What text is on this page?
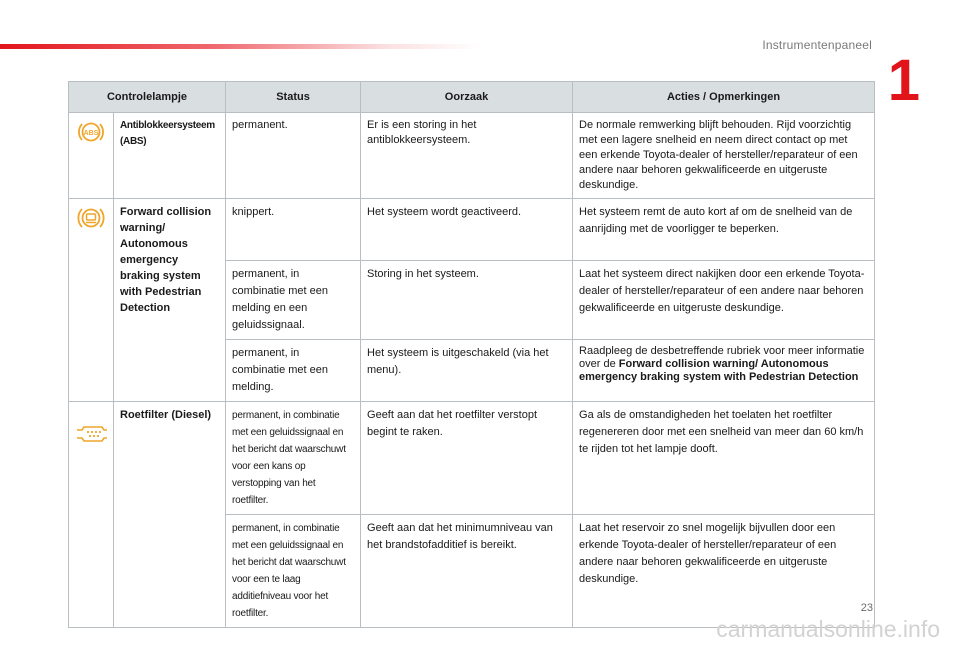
Instrumentenpaneel
1
Controlelampje		Status	Oorzaak	Acties / Opmerkingen

ABS	Antiblokkeersysteem (ABS)	permanent.	Er is een storing in het antiblokkeersysteem.	De normale remwerking blijft behouden. Rijd voorzichtig met een lagere snelheid en neem direct contact op met een erkende Toyota-dealer of hersteller/reparateur of een andere naar behoren gekwalificeerde en uitgeruste deskundige.
	Forward collision warning/ Autonomous emergency braking system with Pedestrian Detection	knippert.	Het systeem wordt geactiveerd.	Het systeem remt de auto kort af om de snelheid van de aanrijding met de voorligger te beperken.
		permanent, in combinatie met een melding en een geluidssignaal.	Storing in het systeem.	Laat het systeem direct nakijken door een erkende Toyota-dealer of hersteller/reparateur of een andere naar behoren gekwalificeerde en uitgeruste deskundige.
		permanent, in combinatie met een melding.	Het systeem is uitgeschakeld (via het menu).	Raadpleeg de desbetreffende rubriek voor meer informatie over de Forward collision warning/ Autonomous emergency braking system with Pedestrian Detection
	Roetfilter (Diesel)	permanent, in combinatie met een geluidssignaal en het bericht dat waarschuwt voor een kans op verstopping van het roetfilter.	Geeft aan dat het roetfilter verstopt begint te raken.	Ga als de omstandigheden het toelaten het roetfilter regenereren door met een snelheid van meer dan 60 km/h te rijden tot het lampje dooft.
		permanent, in combinatie met een geluidssignaal en het bericht dat waarschuwt voor een te laag additiefniveau voor het roetfilter.	Geeft aan dat het minimumniveau van het brandstofadditief is bereikt.	Laat het reservoir zo snel mogelijk bijvullen door een erkende Toyota-dealer of hersteller/reparateur of een andere naar behoren gekwalificeerde en uitgeruste deskundige.
23
carmanualsonline.info
